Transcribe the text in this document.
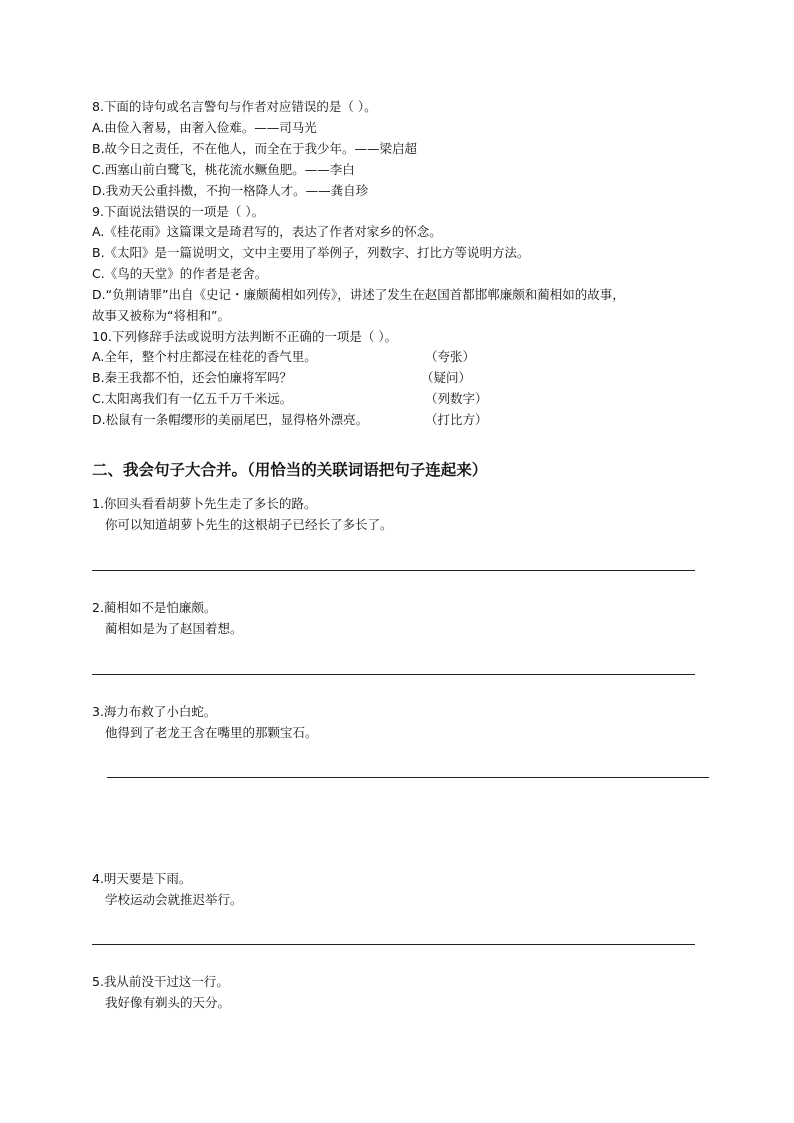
8.下面的诗句或名言警句与作者对应错误的是（ ）。
A.由俭入奢易，由奢入俭难。——司马光
B.故今日之责任，不在他人，而全在于我少年。——梁启超
C.西塞山前白鹭飞，桃花流水鳜鱼肥。——李白
D.我劝天公重抖擞，不拘一格降人才。——龚自珍
9.下面说法错误的一项是（ ）。
A.《桂花雨》这篇课文是琦君写的，表达了作者对家乡的怀念。
B.《太阳》是一篇说明文，文中主要用了举例子，列数字、打比方等说明方法。
C.《鸟的天堂》的作者是老舍。
D.“负荆请罪”出自《史记・廉颇蔺相如列传》，讲述了发生在赵国首都邯郸廉颇和蔺相如的故事，
故事又被称为“将相和”。
10.下列修辞手法或说明方法判断不正确的一项是（ ）。
A.全年，整个村庄都浸在桂花的香气里。	（夸张）
B.秦王我都不怕，还会怕廉将军吗？	（疑问）
C.太阳离我们有一亿五千万千米远。	（列数字）
D.松鼠有一条帽缨形的美丽尾巴，显得格外漂亮。	（打比方）
二、我会句子大合并。（用恰当的关联词语把句子连起来）
1.你回头看看胡萝卜先生走了多长的路。
你可以知道胡萝卜先生的这根胡子已经长了多长了。
2.蔺相如不是怕廉颇。
蔺相如是为了赵国着想。
3.海力布救了小白蛇。
他得到了老龙王含在嘴里的那颗宝石。
4.明天要是下雨。
学校运动会就推迟举行。
5.我从前没干过这一行。
我好像有剃头的天分。
